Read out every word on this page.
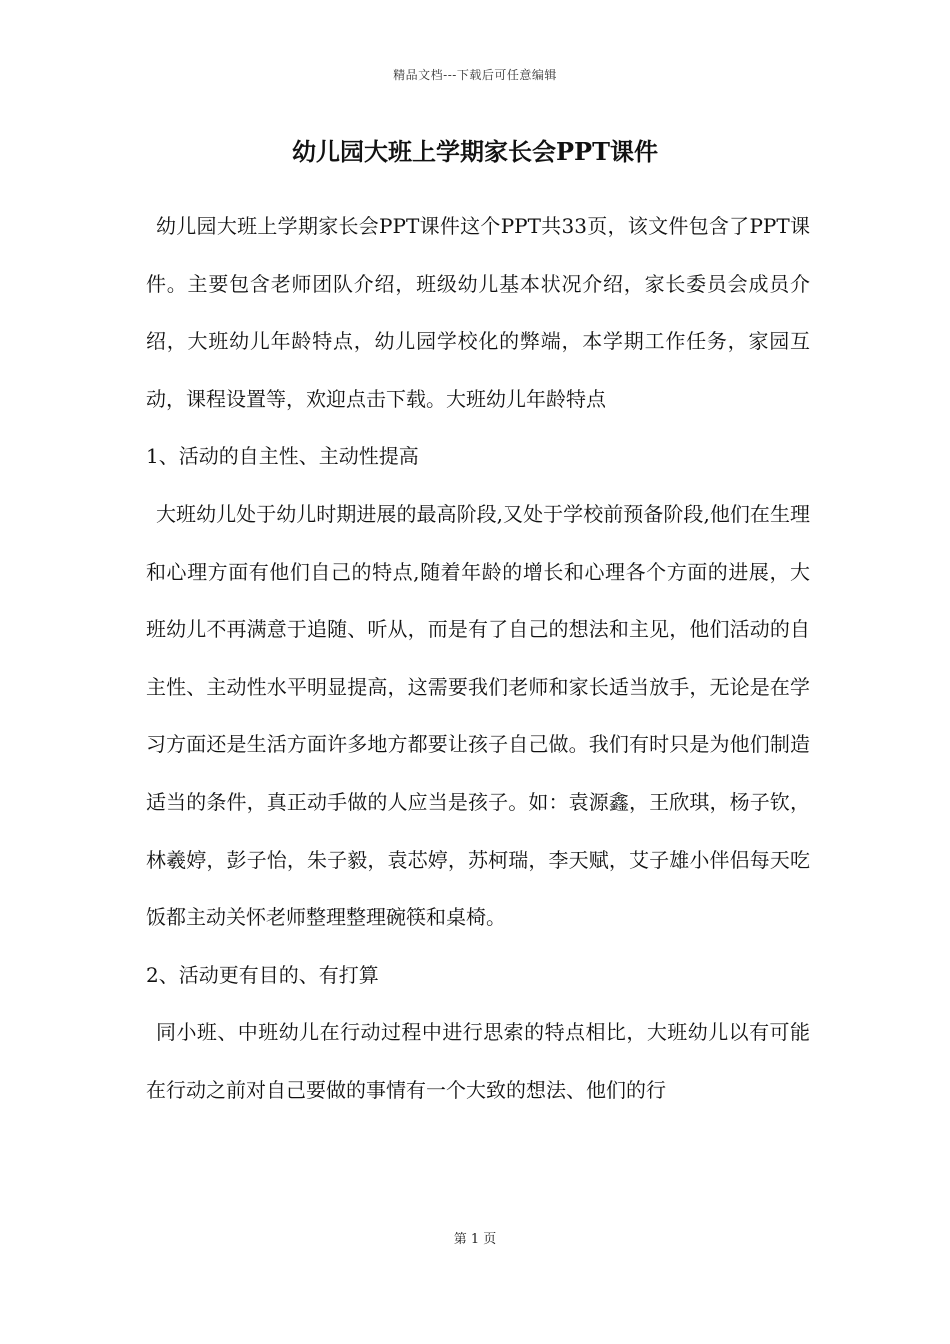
精品文档---下载后可任意编辑
幼儿园大班上学期家长会PPT课件

幼儿园大班上学期家长会PPT课件这个PPT共33页，该文件包含了PPT课件。主要包含老师团队介绍，班级幼儿基本状况介绍，家长委员会成员介绍，大班幼儿年龄特点，幼儿园学校化的弊端，本学期工作任务，家园互动，课程设置等，欢迎点击下载。大班幼儿年龄特点

1、活动的自主性、主动性提高

大班幼儿处于幼儿时期进展的最高阶段,又处于学校前预备阶段,他们在生理和心理方面有他们自己的特点,随着年龄的增长和心理各个方面的进展，大班幼儿不再满意于追随、听从，而是有了自己的想法和主见，他们活动的自主性、主动性水平明显提高，这需要我们老师和家长适当放手，无论是在学习方面还是生活方面许多地方都要让孩子自己做。我们有时只是为他们制造适当的条件，真正动手做的人应当是孩子。如：袁源鑫，王欣琪，杨子钦，林羲婷，彭子怡，朱子毅，袁芯婷，苏柯瑞，李天赋，艾子雄小伴侣每天吃饭都主动关怀老师整理整理碗筷和桌椅。

2、活动更有目的、有打算

同小班、中班幼儿在行动过程中进行思索的特点相比，大班幼儿以有可能在行动之前对自己要做的事情有一个大致的想法、他们的行

第 1 页
